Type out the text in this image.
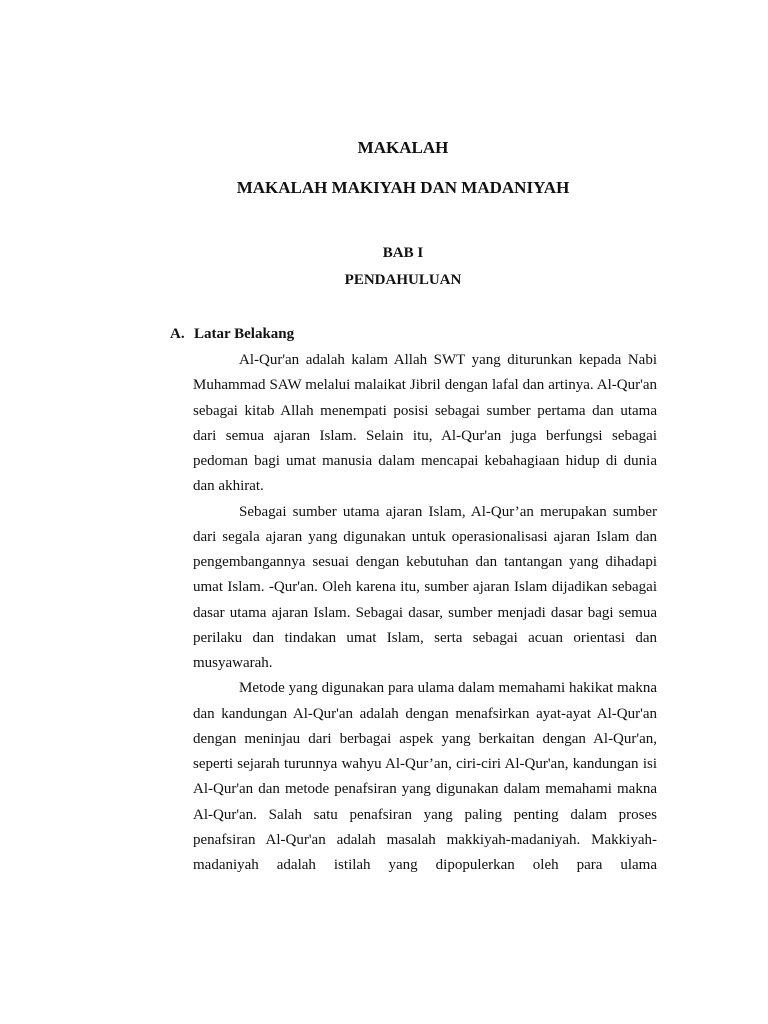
MAKALAH
MAKALAH MAKIYAH DAN MADANIYAH
BAB I
PENDAHULUAN
A. Latar Belakang

Al-Qur'an adalah kalam Allah SWT yang diturunkan kepada Nabi Muhammad SAW melalui malaikat Jibril dengan lafal dan artinya. Al-Qur'an sebagai kitab Allah menempati posisi sebagai sumber pertama dan utama dari semua ajaran Islam. Selain itu, Al-Qur'an juga berfungsi sebagai pedoman bagi umat manusia dalam mencapai kebahagiaan hidup di dunia dan akhirat.

Sebagai sumber utama ajaran Islam, Al-Qur’an merupakan sumber dari segala ajaran yang digunakan untuk operasionalisasi ajaran Islam dan pengembangannya sesuai dengan kebutuhan dan tantangan yang dihadapi umat Islam. -Qur'an. Oleh karena itu, sumber ajaran Islam dijadikan sebagai dasar utama ajaran Islam. Sebagai dasar, sumber menjadi dasar bagi semua perilaku dan tindakan umat Islam, serta sebagai acuan orientasi dan musyawarah.

Metode yang digunakan para ulama dalam memahami hakikat makna dan kandungan Al-Qur'an adalah dengan menafsirkan ayat-ayat Al-Qur'an dengan meninjau dari berbagai aspek yang berkaitan dengan Al-Qur'an, seperti sejarah turunnya wahyu Al-Qur’an, ciri-ciri Al-Qur'an, kandungan isi Al-Qur'an dan metode penafsiran yang digunakan dalam memahami makna Al-Qur'an. Salah satu penafsiran yang paling penting dalam proses penafsiran Al-Qur'an adalah masalah makkiyah-madaniyah. Makkiyah-madaniyah adalah istilah yang dipopulerkan oleh para ulama
